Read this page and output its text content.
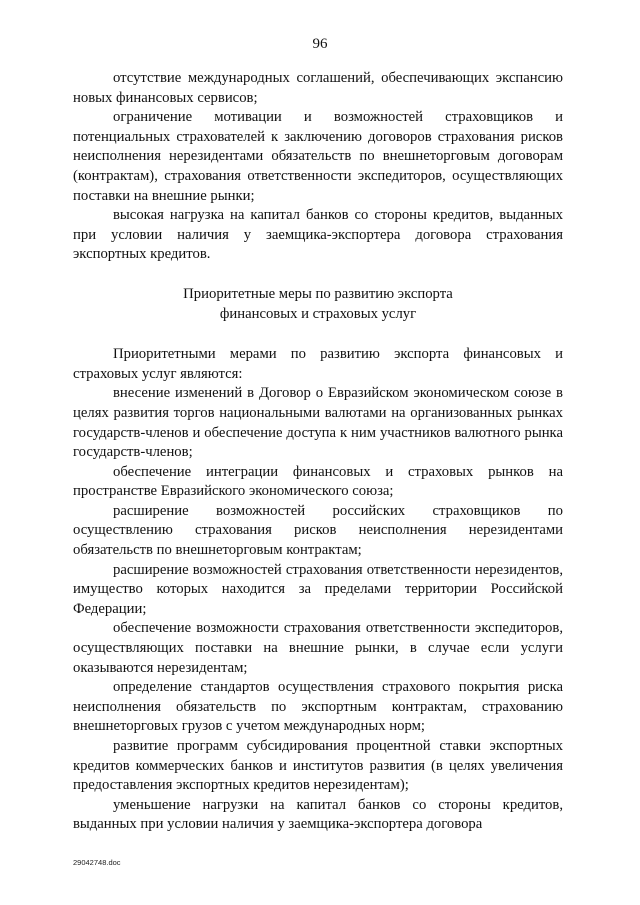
96

отсутствие международных соглашений, обеспечивающих экспансию новых финансовых сервисов;

ограничение мотивации и возможностей страховщиков и потенциальных страхователей к заключению договоров страхования рисков неисполнения нерезидентами обязательств по внешнеторговым договорам (контрактам), страхования ответственности экспедиторов, осуществляющих поставки на внешние рынки;

высокая нагрузка на капитал банков со стороны кредитов, выданных при условии наличия у заемщика-экспортера договора страхования экспортных кредитов.

Приоритетные меры по развитию экспорта
финансовых и страховых услуг

Приоритетными мерами по развитию экспорта финансовых и страховых услуг являются:

внесение изменений в Договор о Евразийском экономическом союзе в целях развития торгов национальными валютами на организованных рынках государств-членов и обеспечение доступа к ним участников валютного рынка государств-членов;

обеспечение интеграции финансовых и страховых рынков на пространстве Евразийского экономического союза;

расширение возможностей российских страховщиков по осуществлению страхования рисков неисполнения нерезидентами обязательств по внешнеторговым контрактам;

расширение возможностей страхования ответственности нерезидентов, имущество которых находится за пределами территории Российской Федерации;

обеспечение возможности страхования ответственности экспедиторов, осуществляющих поставки на внешние рынки, в случае если услуги оказываются нерезидентам;

определение стандартов осуществления страхового покрытия риска неисполнения обязательств по экспортным контрактам, страхованию внешнеторговых грузов с учетом международных норм;

развитие программ субсидирования процентной ставки экспортных кредитов коммерческих банков и институтов развития (в целях увеличения предоставления экспортных кредитов нерезидентам);

уменьшение нагрузки на капитал банков со стороны кредитов, выданных при условии наличия у заемщика-экспортера договора

29042748.doc
